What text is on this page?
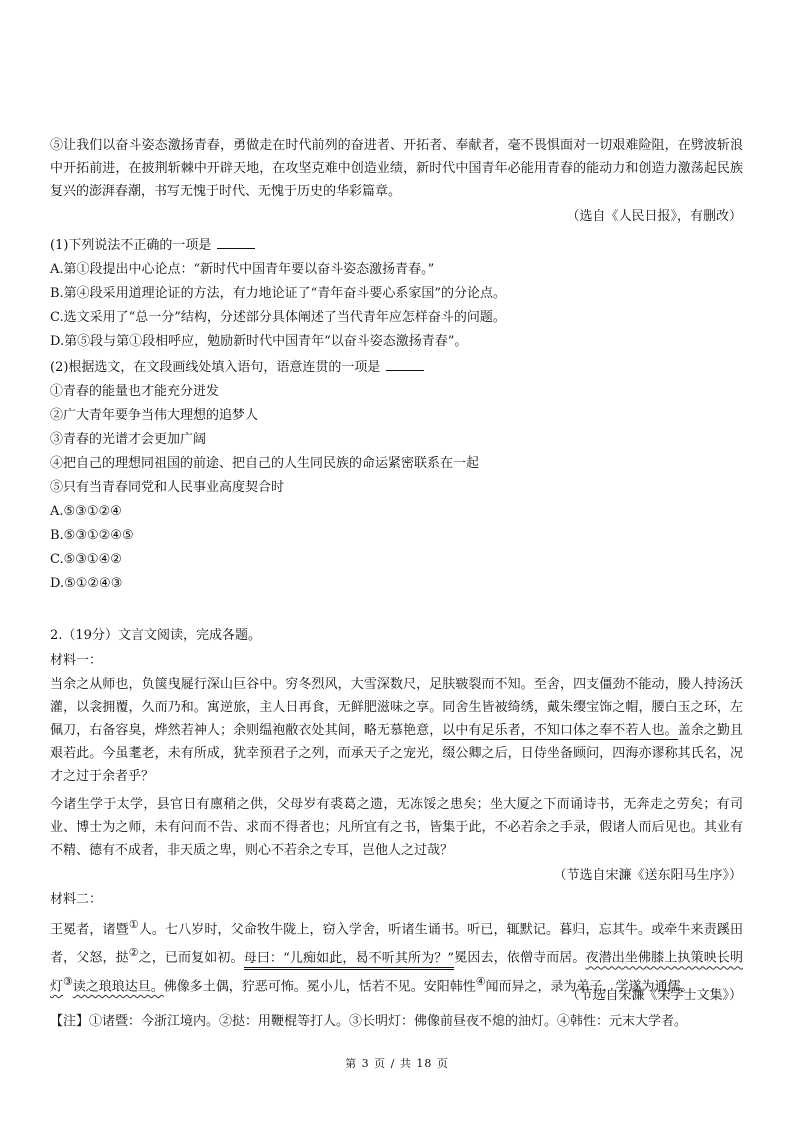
⑤让我们以奋斗姿态激扬青春，勇做走在时代前列的奋进者、开拓者、奉献者，毫不畏惧面对一切艰难险阻，在劈波斩浪中开拓前进，在披荆斩棘中开辟天地，在攻坚克难中创造业绩，新时代中国青年必能用青春的能动力和创造力激荡起民族复兴的澎湃春潮，书写无愧于时代、无愧于历史的华彩篇章。

（选自《人民日报》，有删改）
(1)下列说法不正确的一项是
A.第①段提出中心论点：“新时代中国青年要以奋斗姿态激扬青春。”
B.第④段采用道理论证的方法，有力地论证了“青年奋斗要心系家国”的分论点。
C.选文采用了“总一分”结构，分述部分具体阐述了当代青年应怎样奋斗的问题。
D.第⑤段与第①段相呼应，勉励新时代中国青年“以奋斗姿态激扬青春”。
(2)根据选文，在文段画线处填入语句，语意连贯的一项是
①青春的能量也才能充分迸发
②广大青年要争当伟大理想的追梦人
③青春的光谱才会更加广阔
④把自己的理想同祖国的前途、把自己的人生同民族的命运紧密联系在一起
⑤只有当青春同党和人民事业高度契合时
A.⑤③①②④
B.⑤③①②④⑤
C.⑤③①④②
D.⑤①②④③
2.（19分）文言文阅读，完成各题。
材料一：

当余之从师也，负箧曳屣行深山巨谷中。穷冬烈风，大雪深数尺，足肤皲裂而不知。至舍，四支僵劲不能动，媵人持汤沃灌，以衾拥覆，久而乃和。寓逆旅，主人日再食，无鲜肥滋味之享。同舍生皆被绮绣，戴朱缨宝饰之帽，腰白玉之环，左佩刀，右备容臭，烨然若神人；余则缊袍敝衣处其间，略无慕艳意，以中有足乐者，不知口体之奉不若人也。盖余之勤且艰若此。今虽耄老，未有所成，犹幸预君子之列，而承天子之宠光，缀公卿之后，日侍坐备顾问，四海亦谬称其氏名，况才之过于余者乎？

今诸生学于太学，县官日有廪稍之供，父母岁有裘葛之遗，无冻馁之患矣；坐大厦之下而诵诗书，无奔走之劳矣；有司业、博士为之师，未有问而不告、求而不得者也；凡所宜有之书，皆集于此，不必若余之手录，假诸人而后见也。其业有不精、德有不成者，非天质之卑，则心不若余之专耳，岂他人之过哉？

（节选自宋濂《送东阳马生序》）
材料二：

王冕者，诸暨①人。七八岁时，父命牧牛陇上，窃入学舍，听诸生诵书。听已，辄默记。暮归，忘其牛。或牵牛来责蹊田者，父怒，挞②之，已而复如初。母曰：“儿痴如此，曷不听其所为？”冕因去，依僧寺而居。夜潜出坐佛膝上执策映长明灯③读之琅琅达旦。佛像多土偶，狞恶可怖。冕小儿，恬若不见。安阳韩性④闻而异之，录为弟子，学遂为通儒。

（节选自宋濂《宋学士文集》）
【注】①诸暨：今浙江境内。②挞：用鞭棍等打人。③长明灯：佛像前昼夜不熄的油灯。④韩性：元末大学者。
第 3 页 / 共 18 页
